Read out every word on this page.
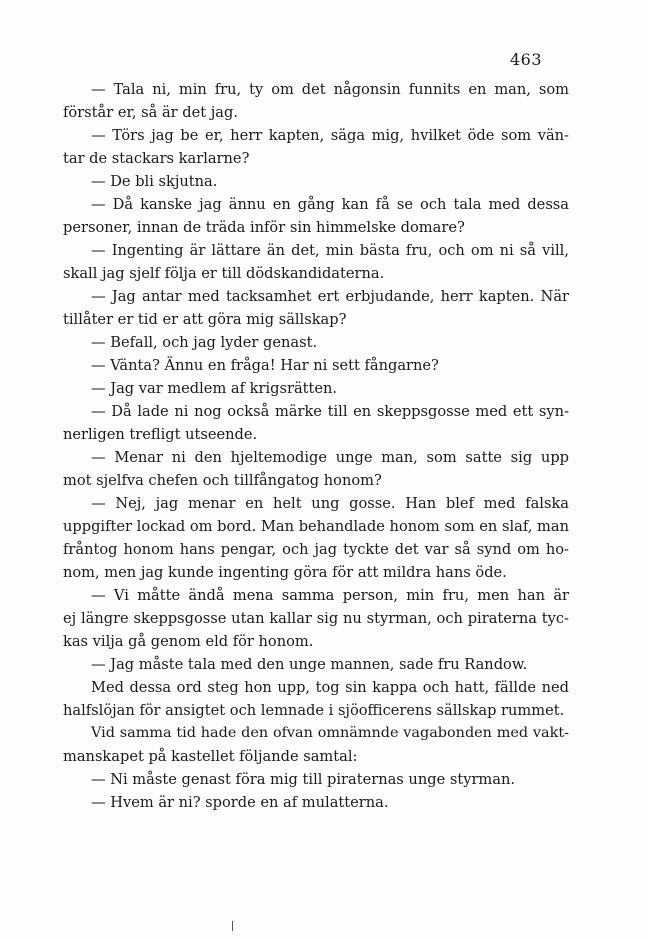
463
— Tala ni, min fru, ty om det någonsin funnits en man, som
förstår er, så är det jag.
— Törs jag be er, herr kapten, säga mig, hvilket öde som vän-
tar de stackars karlarne?
— De bli skjutna.
— Då kanske jag ännu en gång kan få se och tala med dessa
personer, innan de träda inför sin himmelske domare?
— Ingenting är lättare än det, min bästa fru, och om ni så vill,
skall jag sjelf följa er till dödskandidaterna.
— Jag antar med tacksamhet ert erbjudande, herr kapten. När
tillåter er tid er att göra mig sällskap?
— Befall, och jag lyder genast.
— Vänta? Ännu en fråga! Har ni sett fångarne?
— Jag var medlem af krigsrätten.
— Då lade ni nog också märke till en skeppsgosse med ett syn-
nerligen trefligt utseende.
— Menar ni den hjeltemodige unge man, som satte sig upp
mot sjelfva chefen och tillfångatog honom?
— Nej, jag menar en helt ung gosse. Han blef med falska
uppgifter lockad om bord. Man behandlade honom som en slaf, man
fråntog honom hans pengar, och jag tyckte det var så synd om ho-
nom, men jag kunde ingenting göra för att mildra hans öde.
— Vi måtte ändå mena samma person, min fru, men han är
ej längre skeppsgosse utan kallar sig nu styrman, och piraterna tyc-
kas vilja gå genom eld för honom.
— Jag måste tala med den unge mannen, sade fru Randow.
Med dessa ord steg hon upp, tog sin kappa och hatt, fällde ned
halfslöjan för ansigtet och lemnade i sjöofficerens sällskap rummet.
Vid samma tid hade den ofvan omnämnde vagabonden med vakt-
manskapet på kastellet följande samtal:
— Ni måste genast föra mig till piraternas unge styrman.
— Hvem är ni? sporde en af mulatterna.
